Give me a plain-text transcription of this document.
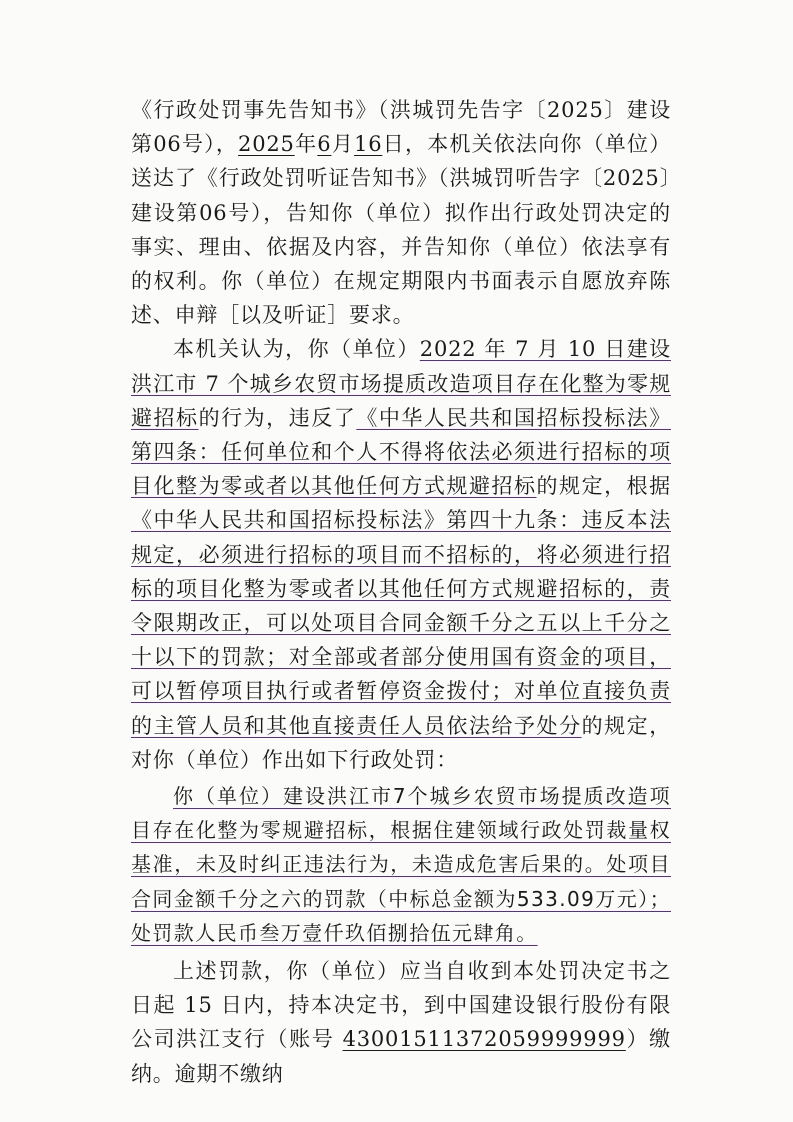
《行政处罚事先告知书》（洪城罚先告字〔2025〕建设第06号），2025年6月16日，本机关依法向你（单位）送达了《行政处罚听证告知书》（洪城罚听告字〔2025〕建设第06号），告知你（单位）拟作出行政处罚决定的事实、理由、依据及内容，并告知你（单位）依法享有的权利。你（单位）在规定期限内书面表示自愿放弃陈述、申辩［以及听证］要求。

本机关认为，你（单位）2022 年 7 月 10 日建设洪江市 7 个城乡农贸市场提质改造项目存在化整为零规避招标的行为，违反了《中华人民共和国招标投标法》第四条：任何单位和个人不得将依法必须进行招标的项目化整为零或者以其他任何方式规避招标的规定，根据《中华人民共和国招标投标法》第四十九条：违反本法规定，必须进行招标的项目而不招标的，将必须进行招标的项目化整为零或者以其他任何方式规避招标的，责令限期改正，可以处项目合同金额千分之五以上千分之十以下的罚款；对全部或者部分使用国有资金的项目，可以暂停项目执行或者暂停资金拨付；对单位直接负责的主管人员和其他直接责任人员依法给予处分的规定，对你（单位）作出如下行政处罚：

你（单位）建设洪江市7个城乡农贸市场提质改造项目存在化整为零规避招标，根据住建领域行政处罚裁量权基准，未及时纠正违法行为，未造成危害后果的。处项目合同金额千分之六的罚款（中标总金额为533.09万元）；处罚款人民币叁万壹仟玖佰捌拾伍元肆角。

上述罚款，你（单位）应当自收到本处罚决定书之日起 15 日内，持本决定书，到中国建设银行股份有限公司洪江支行（账号 43001511372059999999）缴纳。逾期不缴纳
